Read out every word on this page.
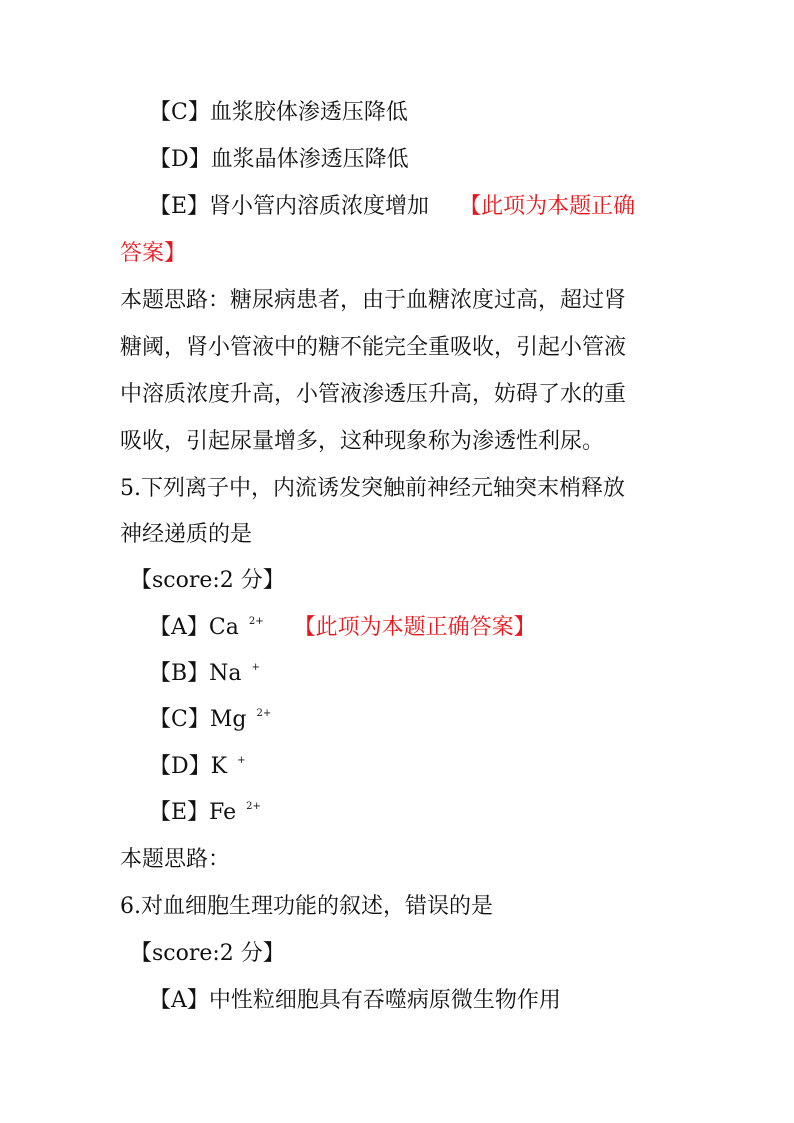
【C】血浆胶体渗透压降低
【D】血浆晶体渗透压降低
【E】肾小管内溶质浓度增加 【此项为本题正确
答案】
本题思路：糖尿病患者，由于血糖浓度过高，超过肾
糖阈，肾小管液中的糖不能完全重吸收，引起小管液
中溶质浓度升高，小管液渗透压升高，妨碍了水的重
吸收，引起尿量增多，这种现象称为渗透性利尿。
5.下列离子中，内流诱发突触前神经元轴突末梢释放
神经递质的是
【score:2 分】
【A】Ca $^{2+}$ 【此项为本题正确答案】
【B】Na +
【C】Mg $^{2+}$
【D】K +
【E】Fe $^{2+}$
本题思路：
6.对血细胞生理功能的叙述，错误的是
【score:2 分】
【A】中性粒细胞具有吞噬病原微生物作用
